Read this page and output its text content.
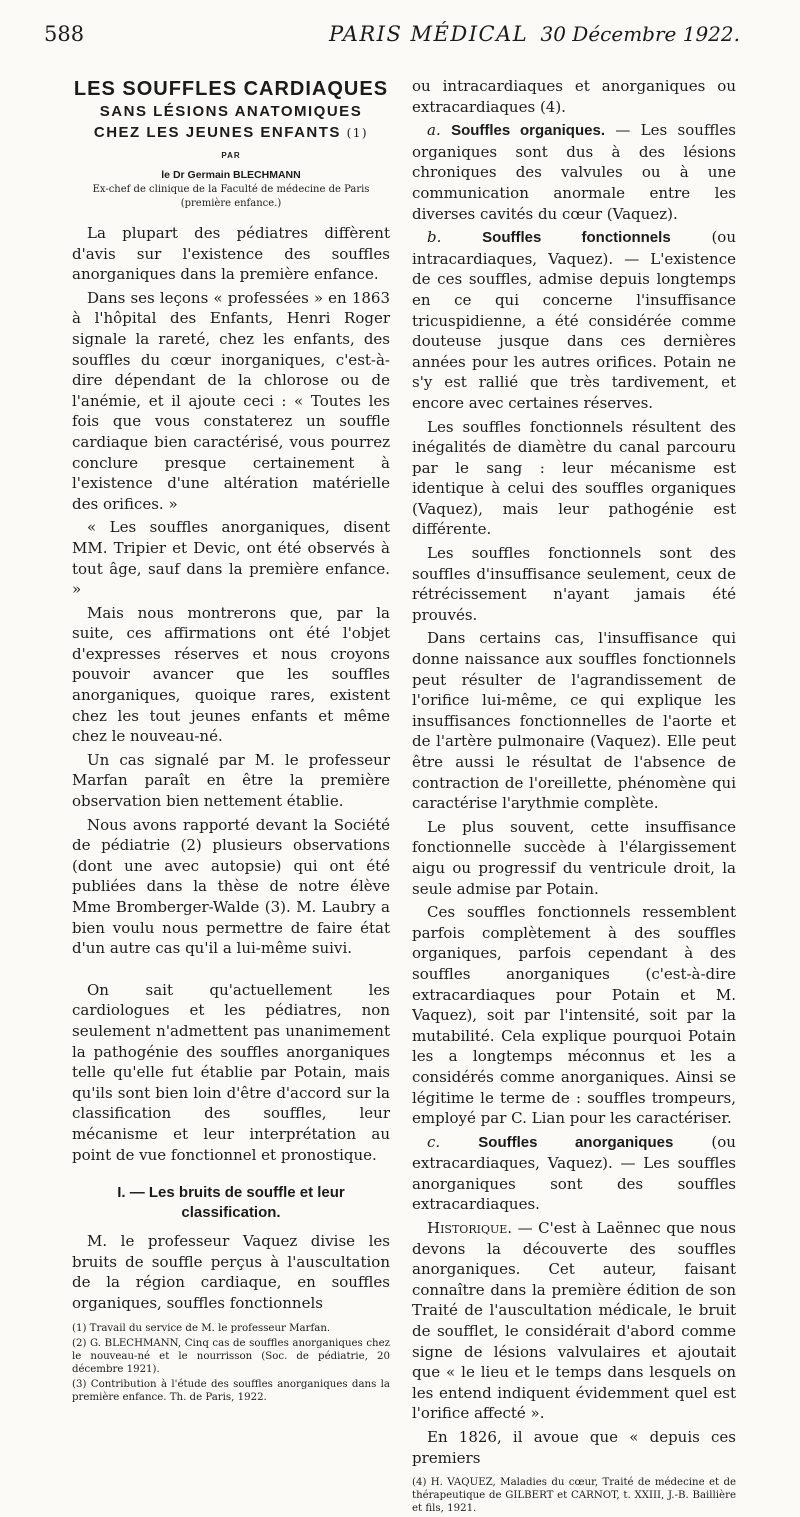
588	PARIS MÉDICAL 30 Décembre 1922.
LES SOUFFLES CARDIAQUES
SANS LÉSIONS ANATOMIQUES
CHEZ LES JEUNES ENFANTS (1)
PAR
le Dr Germain BLECHMANN
Ex-chef de clinique de la Faculté de médecine de Paris
(première enfance.)

La plupart des pédiatres diffèrent d'avis sur l'existence des souffles anorganiques dans la première enfance.

Dans ses leçons « professées » en 1863 à l'hôpital des Enfants, Henri Roger signale la rareté, chez les enfants, des souffles du cœur inorganiques, c'est-à-dire dépendant de la chlorose ou de l'anémie, et il ajoute ceci : « Toutes les fois que vous constaterez un souffle cardiaque bien caractérisé, vous pourrez conclure presque certainement à l'existence d'une altération matérielle des orifices. »

« Les souffles anorganiques, disent MM. Tripier et Devic, ont été observés à tout âge, sauf dans la première enfance. »

Mais nous montrerons que, par la suite, ces affirmations ont été l'objet d'expresses réserves et nous croyons pouvoir avancer que les souffles anorganiques, quoique rares, existent chez les tout jeunes enfants et même chez le nouveau-né.

Un cas signalé par M. le professeur Marfan paraît en être la première observation bien nettement établie.

Nous avons rapporté devant la Société de pédiatrie (2) plusieurs observations (dont une avec autopsie) qui ont été publiées dans la thèse de notre élève Mme Bromberger-Walde (3). M. Laubry a bien voulu nous permettre de faire état d'un autre cas qu'il a lui-même suivi.

On sait qu'actuellement les cardiologues et les pédiatres, non seulement n'admettent pas unanimement la pathogénie des souffles anorganiques telle qu'elle fut établie par Potain, mais qu'ils sont bien loin d'être d'accord sur la classification des souffles, leur mécanisme et leur interprétation au point de vue fonctionnel et pronostique.

I. — Les bruits de souffle et leur classification.

M. le professeur Vaquez divise les bruits de souffle perçus à l'auscultation de la région cardiaque, en souffles organiques, souffles fonctionnels

(1) Travail du service de M. le professeur Marfan.
(2) G. BLECHMANN, Cinq cas de souffles anorganiques chez le nouveau-né et le nourrisson (Soc. de pédiatrie, 20 décembre 1921).
(3) Contribution à l'étude des souffles anorganiques dans la première enfance. Th. de Paris, 1922.

ou intracardiaques et anorganiques ou extracardiaques (4).

a. Souffles organiques. — Les souffles organiques sont dus à des lésions chroniques des valvules ou à une communication anormale entre les diverses cavités du cœur (Vaquez).

b.	Souffles fonctionnels	(ou intracardiaques, Vaquez). — L'existence de ces souffles, admise depuis longtemps en ce qui concerne l'insuffisance tricuspidienne, a été considérée comme douteuse jusque dans ces dernières années pour les autres orifices. Potain ne s'y est rallié que très tardivement, et encore avec certaines réserves.

Les souffles fonctionnels résultent des inégalités de diamètre du canal parcouru par le sang : leur mécanisme est identique à celui des souffles organiques (Vaquez), mais leur pathogénie est différente.

Les souffles fonctionnels sont des souffles d'insuffisance seulement, ceux de rétrécissement n'ayant jamais été prouvés.

Dans certains cas, l'insuffisance qui donne naissance aux souffles fonctionnels peut résulter de l'agrandissement de l'orifice lui-même, ce qui explique les insuffisances fonctionnelles de l'aorte et de l'artère pulmonaire (Vaquez). Elle peut être aussi le résultat de l'absence de contraction de l'oreillette, phénomène qui caractérise l'arythmie complète.

Le plus souvent, cette insuffisance fonctionnelle succède à l'élargissement aigu ou progressif du ventricule droit, la seule admise par Potain.

Ces souffles fonctionnels ressemblent parfois complètement à des souffles organiques, parfois cependant à des souffles anorganiques (c'est-à-dire extracardiaques pour Potain et M. Vaquez), soit par l'intensité, soit par la mutabilité. Cela explique pourquoi Potain les a longtemps méconnus et les a considérés comme anorganiques. Ainsi se légitime le terme de : souffles trompeurs, employé par C. Lian pour les caractériser.

c.	Souffles anorganiques	(ou extracardiaques, Vaquez). — Les souffles anorganiques sont des souffles extracardiaques.

Historique. — C'est à Laënnec que nous devons la découverte des souffles anorganiques. Cet auteur, faisant connaître dans la première édition de son Traité de l'auscultation médicale, le bruit de soufflet, le considérait d'abord comme signe de lésions valvulaires et ajoutait que « le lieu et le temps dans lesquels on les entend indiquent évidemment quel est l'orifice affecté ».

En 1826, il avoue que « depuis ces premiers

(4) H. VAQUEZ, Maladies du cœur, Traité de médecine et de thérapeutique de GILBERT et CARNOT, t. XXIII, J.-B. Baillière et fils, 1921.
